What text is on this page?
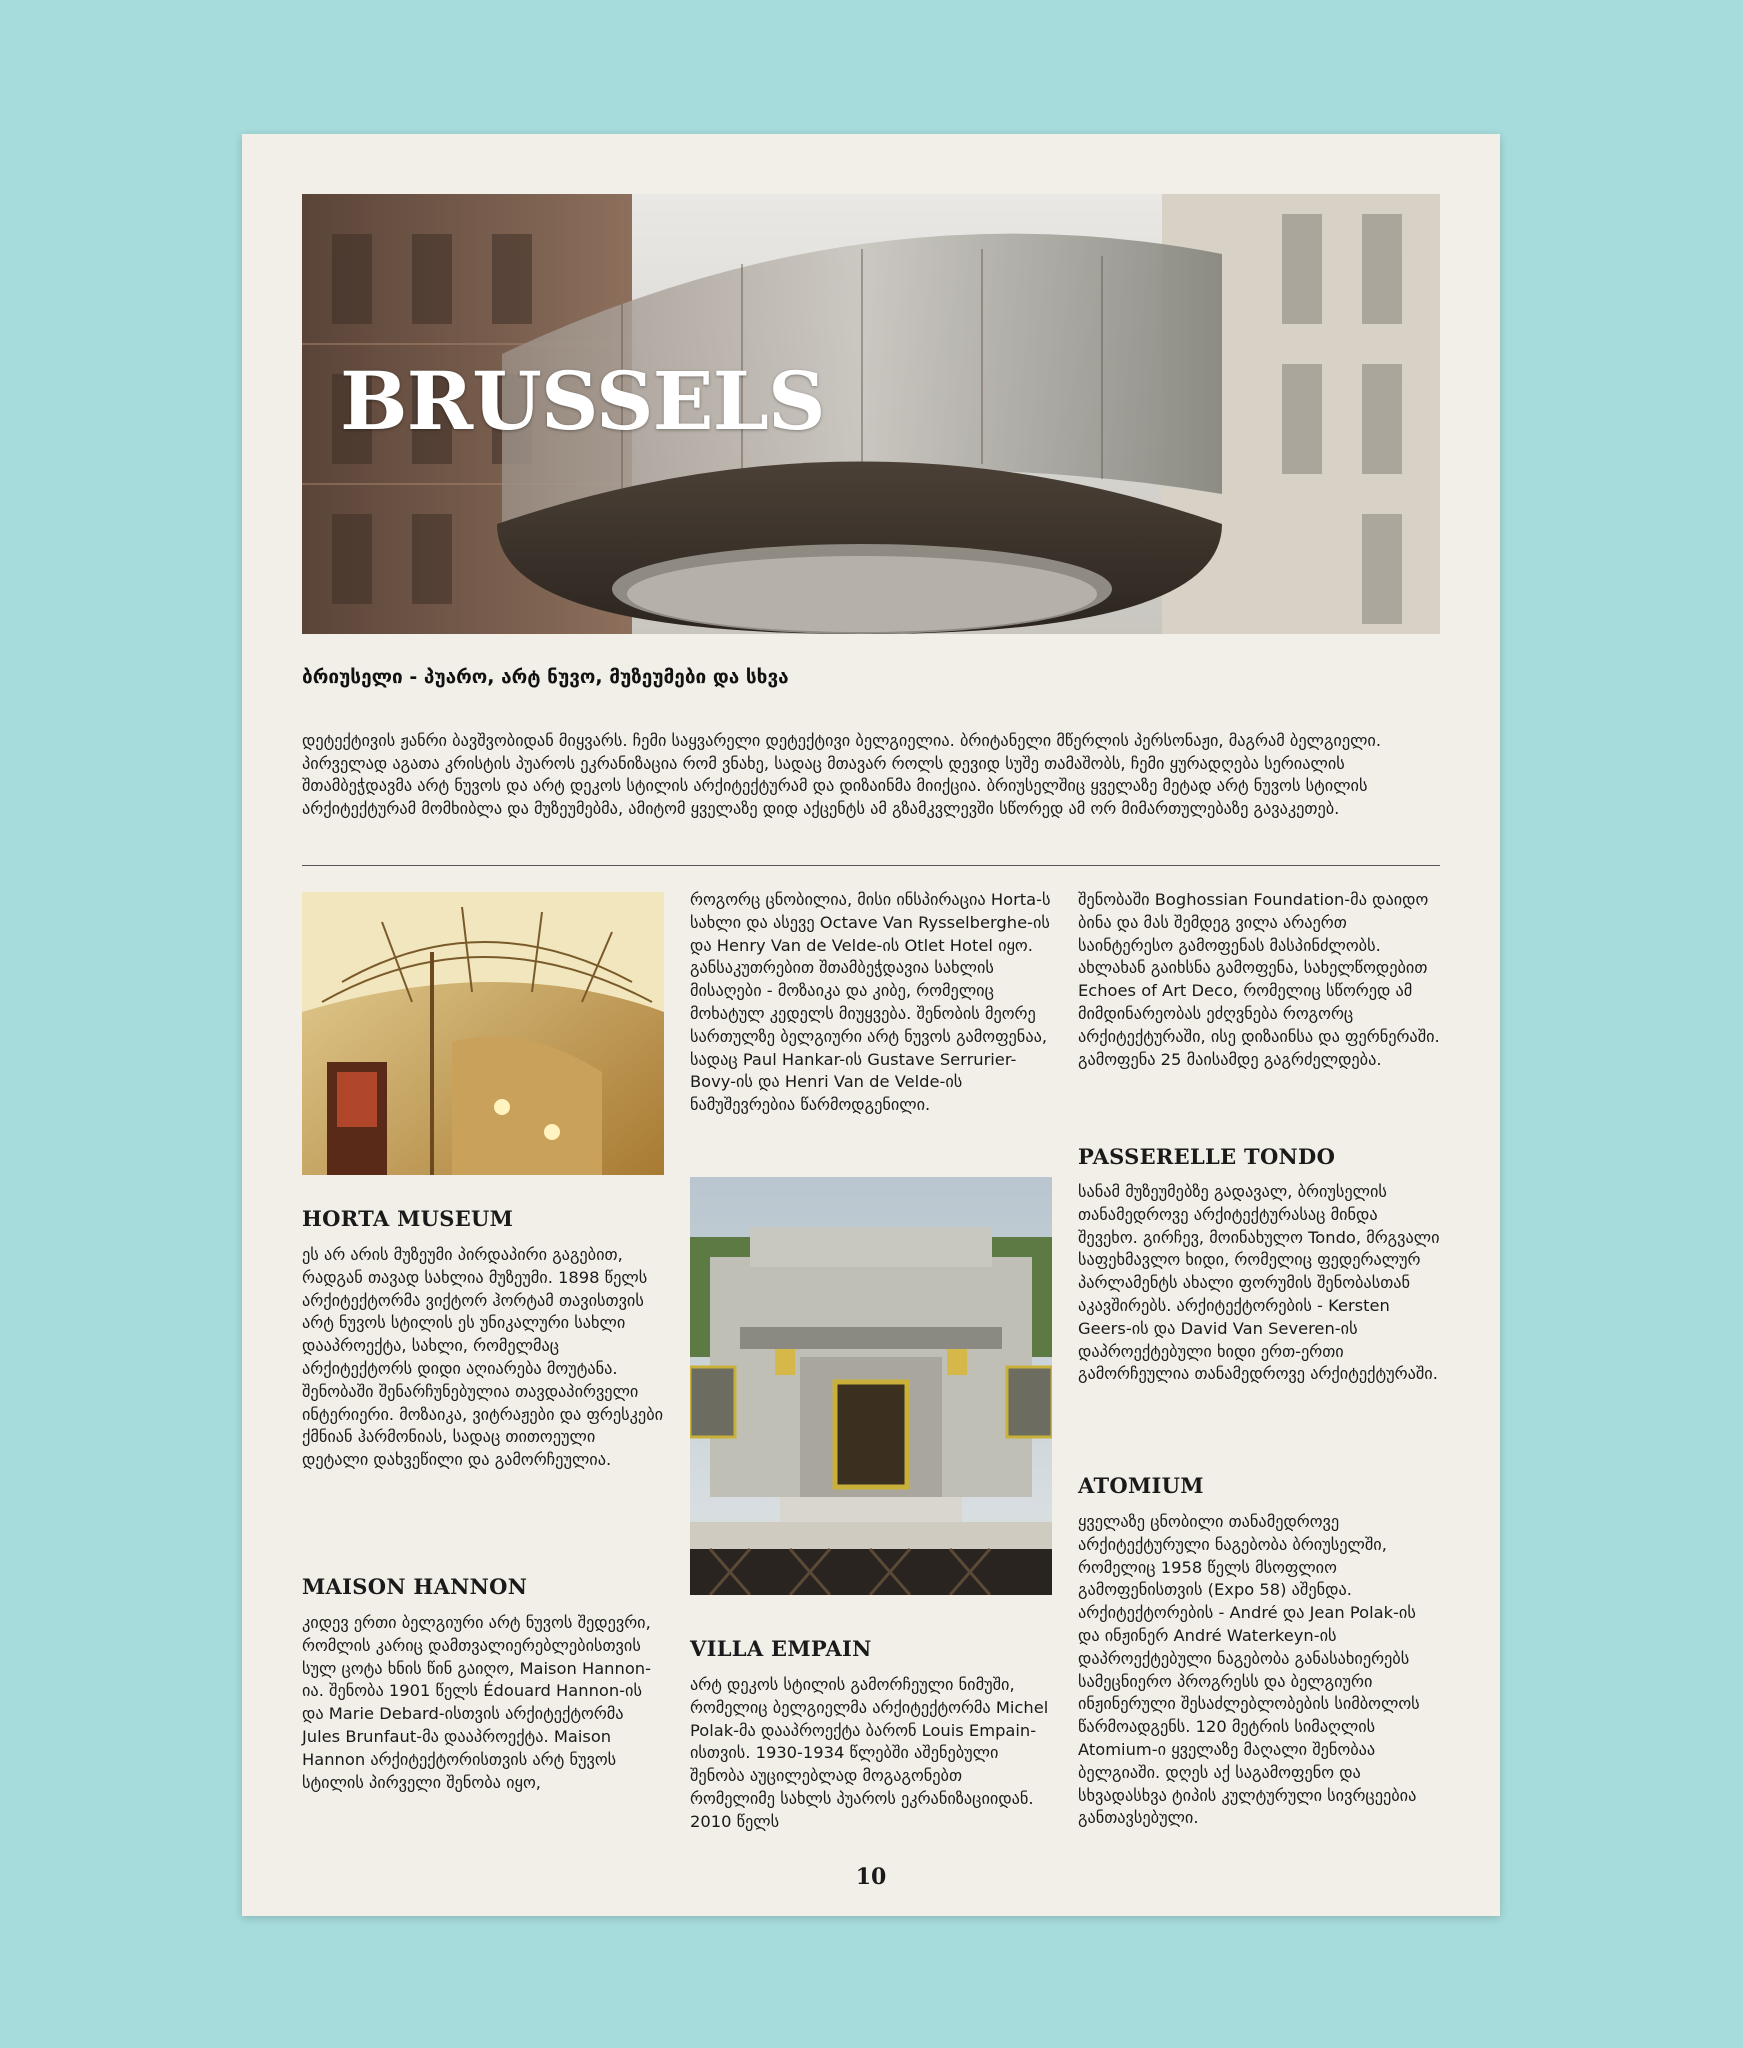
BRUSSELS
ბრიუსელი - პუარო, არტ ნუვო, მუზეუმები და სხვა
დეტექტივის ჟანრი ბავშვობიდან მიყვარს. ჩემი საყვარელი დეტექტივი ბელგიელია. ბრიტანელი მწერლის პერსონაჟი, მაგრამ ბელგიელი. პირველად აგათა კრისტის პუაროს ეკრანიზაცია რომ ვნახე, სადაც მთავარ როლს დევიდ სუშე თამაშობს, ჩემი ყურადღება სერიალის შთამბეჭდავმა არტ ნუვოს და არტ დეკოს სტილის არქიტექტურამ და დიზაინმა მიიქცია. ბრიუსელშიც ყველაზე მეტად არტ ნუვოს სტილის არქიტექტურამ მომხიბლა და მუზეუმებმა, ამიტომ ყველაზე დიდ აქცენტს ამ გზამკვლევში სწორედ ამ ორ მიმართულებაზე გავაკეთებ.
HORTA MUSEUM
ეს არ არის მუზეუმი პირდაპირი გაგებით, რადგან თავად სახლია მუზეუმი. 1898 წელს არქიტექტორმა ვიქტორ ჰორტამ თავისთვის არტ ნუვოს სტილის ეს უნიკალური სახლი დააპროექტა, სახლი, რომელმაც არქიტექტორს დიდი აღიარება მოუტანა. შენობაში შენარჩუნებულია თავდაპირველი ინტერიერი. მოზაიკა, ვიტრაჟები და ფრესკები ქმნიან ჰარმონიას, სადაც თითოეული დეტალი დახვეწილი და გამორჩეულია.
MAISON HANNON
კიდევ ერთი ბელგიური არტ ნუვოს შედევრი, რომლის კარიც დამთვალიერებლებისთვის სულ ცოტა ხნის წინ გაიღო, Maison Hannon-ია. შენობა 1901 წელს Édouard Hannon-ის და Marie Debard-ისთვის არქიტექტორმა Jules Brunfaut-მა დააპროექტა. Maison Hannon არქიტექტორისთვის არტ ნუვოს სტილის პირველი შენობა იყო,
როგორც ცნობილია, მისი ინსპირაცია Horta-ს სახლი და ასევე Octave Van Rysselberghe-ის და Henry Van de Velde-ის Otlet Hotel იყო. განსაკუთრებით შთამბეჭდავია სახლის მისაღები - მოზაიკა და კიბე, რომელიც მოხატულ კედელს მიუყვება. შენობის მეორე სართულზე ბელგიური არტ ნუვოს გამოფენაა, სადაც Paul Hankar-ის Gustave Serrurier-Bovy-ის და Henri Van de Velde-ის ნამუშევრებია წარმოდგენილი.
VILLA EMPAIN
არტ დეკოს სტილის გამორჩეული ნიმუში, რომელიც ბელგიელმა არქიტექტორმა Michel Polak-მა დააპროექტა ბარონ Louis Empain-ისთვის. 1930-1934 წლებში აშენებული შენობა აუცილებლად მოგაგონებთ რომელიმე სახლს პუაროს ეკრანიზაციიდან. 2010 წელს
შენობაში Boghossian Foundation-მა დაიდო ბინა და მას შემდეგ ვილა არაერთ საინტერესო გამოფენას მასპინძლობს. ახლახან გაიხსნა გამოფენა, სახელწოდებით Echoes of Art Deco, რომელიც სწორედ ამ მიმდინარეობას ეძღვნება როგორც არქიტექტურაში, ისე დიზაინსა და ფერნერაში. გამოფენა 25 მაისამდე გაგრძელდება.
PASSERELLE TONDO
სანამ მუზეუმებზე გადავალ, ბრიუსელის თანამედროვე არქიტექტურასაც მინდა შევეხო. გირჩევ, მოინახულო Tondo, მრგვალი საფეხმავლო ხიდი, რომელიც ფედერალურ პარლამენტს ახალი ფორუმის შენობასთან აკავშირებს. არქიტექტორების - Kersten Geers-ის და David Van Severen-ის დაპროექტებული ხიდი ერთ-ერთი გამორჩეულია თანამედროვე არქიტექტურაში.
ATOMIUM
ყველაზე ცნობილი თანამედროვე არქიტექტურული ნაგებობა ბრიუსელში, რომელიც 1958 წელს მსოფლიო გამოფენისთვის (Expo 58) აშენდა. არქიტექტორების - André და Jean Polak-ის და ინჟინერ André Waterkeyn-ის დაპროექტებული ნაგებობა განასახიერებს სამეცნიერო პროგრესს და ბელგიური ინჟინერული შესაძლებლობების სიმბოლოს წარმოადგენს. 120 მეტრის სიმაღლის Atomium-ი ყველაზე მაღალი შენობაა ბელგიაში. დღეს აქ საგამოფენო და სხვადასხვა ტიპის კულტურული სივრცეებია განთავსებული.
10
